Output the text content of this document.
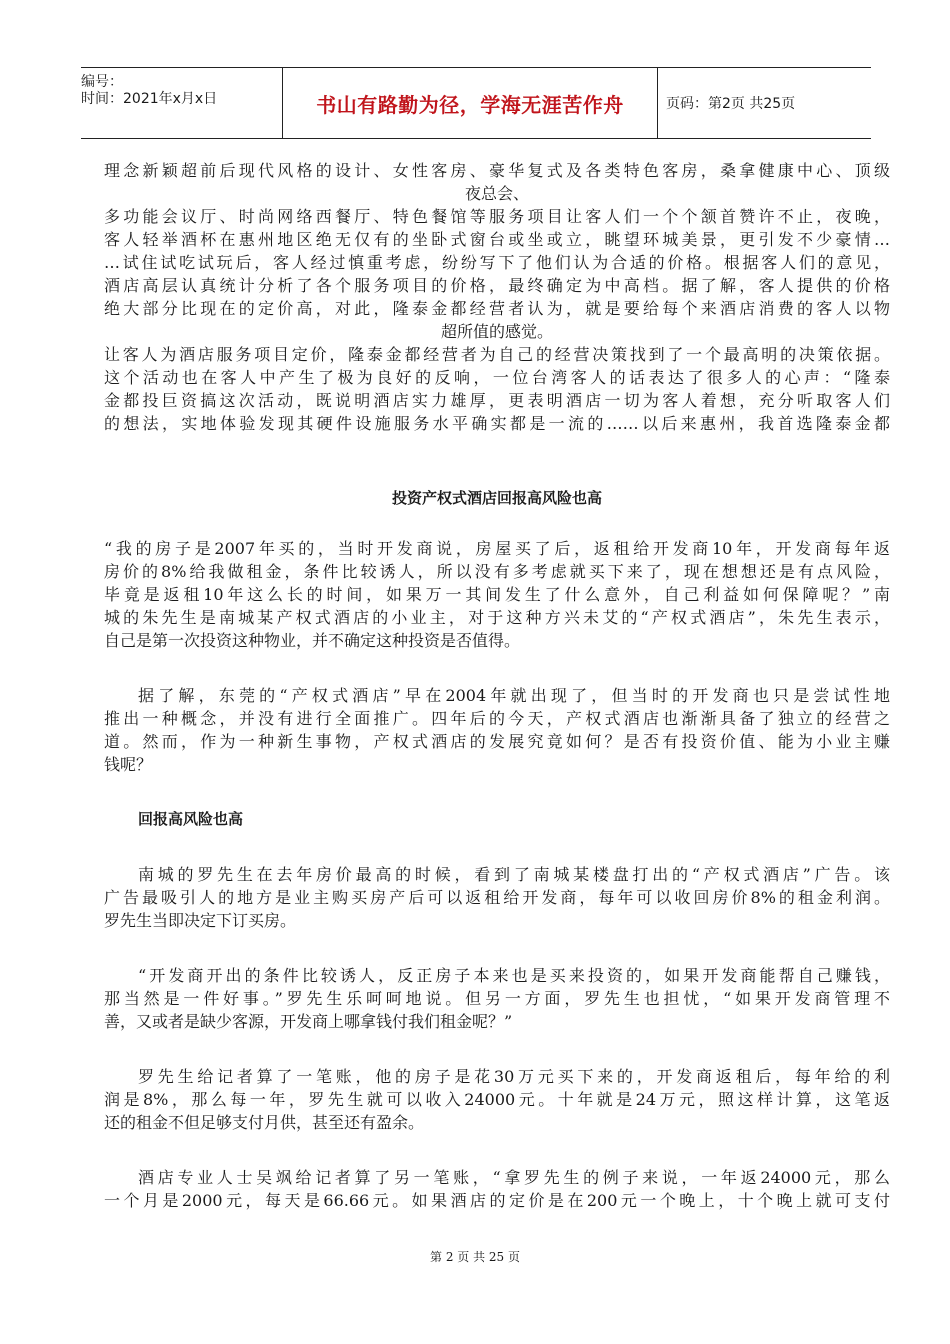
编号：
时间：2021年x月x日	书山有路勤为径，学海无涯苦作舟	页码：第2页 共25页
理念新颖超前后现代风格的设计、女性客房、豪华复式及各类特色客房，桑拿健康中心、顶级
夜总会、
多功能会议厅、时尚网络西餐厅、特色餐馆等服务项目让客人们一个个颔首赞许不止，夜晚，
客人轻举酒杯在惠州地区绝无仅有的坐卧式窗台或坐或立，眺望环城美景，更引发不少豪情…
…试住试吃试玩后，客人经过慎重考虑，纷纷写下了他们认为合适的价格。根据客人们的意见，
酒店高层认真统计分析了各个服务项目的价格，最终确定为中高档。据了解，客人提供的价格
绝大部分比现在的定价高，对此，隆泰金都经营者认为，就是要给每个来酒店消费的客人以物
超所值的感觉。
让客人为酒店服务项目定价，隆泰金都经营者为自己的经营决策找到了一个最高明的决策依据。
这个活动也在客人中产生了极为良好的反响，一位台湾客人的话表达了很多人的心声：“隆泰
金都投巨资搞这次活动，既说明酒店实力雄厚，更表明酒店一切为客人着想，充分听取客人们
的想法，实地体验发现其硬件设施服务水平确实都是一流的……以后来惠州，我首选隆泰金都
投资产权式酒店回报高风险也高
“我的房子是2007年买的，当时开发商说，房屋买了后，返租给开发商10年，开发商每年返
房价的8%给我做租金，条件比较诱人，所以没有多考虑就买下来了，现在想想还是有点风险，
毕竟是返租10年这么长的时间，如果万一其间发生了什么意外，自己利益如何保障呢？”南
城的朱先生是南城某产权式酒店的小业主，对于这种方兴未艾的“产权式酒店”，朱先生表示，
自己是第一次投资这种物业，并不确定这种投资是否值得。
据了解，东莞的“产权式酒店”早在2004年就出现了，但当时的开发商也只是尝试性地
推出一种概念，并没有进行全面推广。四年后的今天，产权式酒店也渐渐具备了独立的经营之
道。然而，作为一种新生事物，产权式酒店的发展究竟如何？是否有投资价值、能为小业主赚
钱呢？
回报高风险也高
南城的罗先生在去年房价最高的时候，看到了南城某楼盘打出的“产权式酒店”广告。该
广告最吸引人的地方是业主购买房产后可以返租给开发商，每年可以收回房价8%的租金利润。
罗先生当即决定下订买房。
“开发商开出的条件比较诱人，反正房子本来也是买来投资的，如果开发商能帮自己赚钱，
那当然是一件好事。”罗先生乐呵呵地说。但另一方面，罗先生也担忧，“如果开发商管理不
善，又或者是缺少客源，开发商上哪拿钱付我们租金呢？”
罗先生给记者算了一笔账，他的房子是花30万元买下来的，开发商返租后，每年给的利
润是8%，那么每一年，罗先生就可以收入24000元。十年就是24万元，照这样计算，这笔返
还的租金不但足够支付月供，甚至还有盈余。
酒店专业人士吴飒给记者算了另一笔账，“拿罗先生的例子来说，一年返24000元，那么
一个月是2000元，每天是66.66元。如果酒店的定价是在200元一个晚上，十个晚上就可支付
第 2 页 共 25 页
